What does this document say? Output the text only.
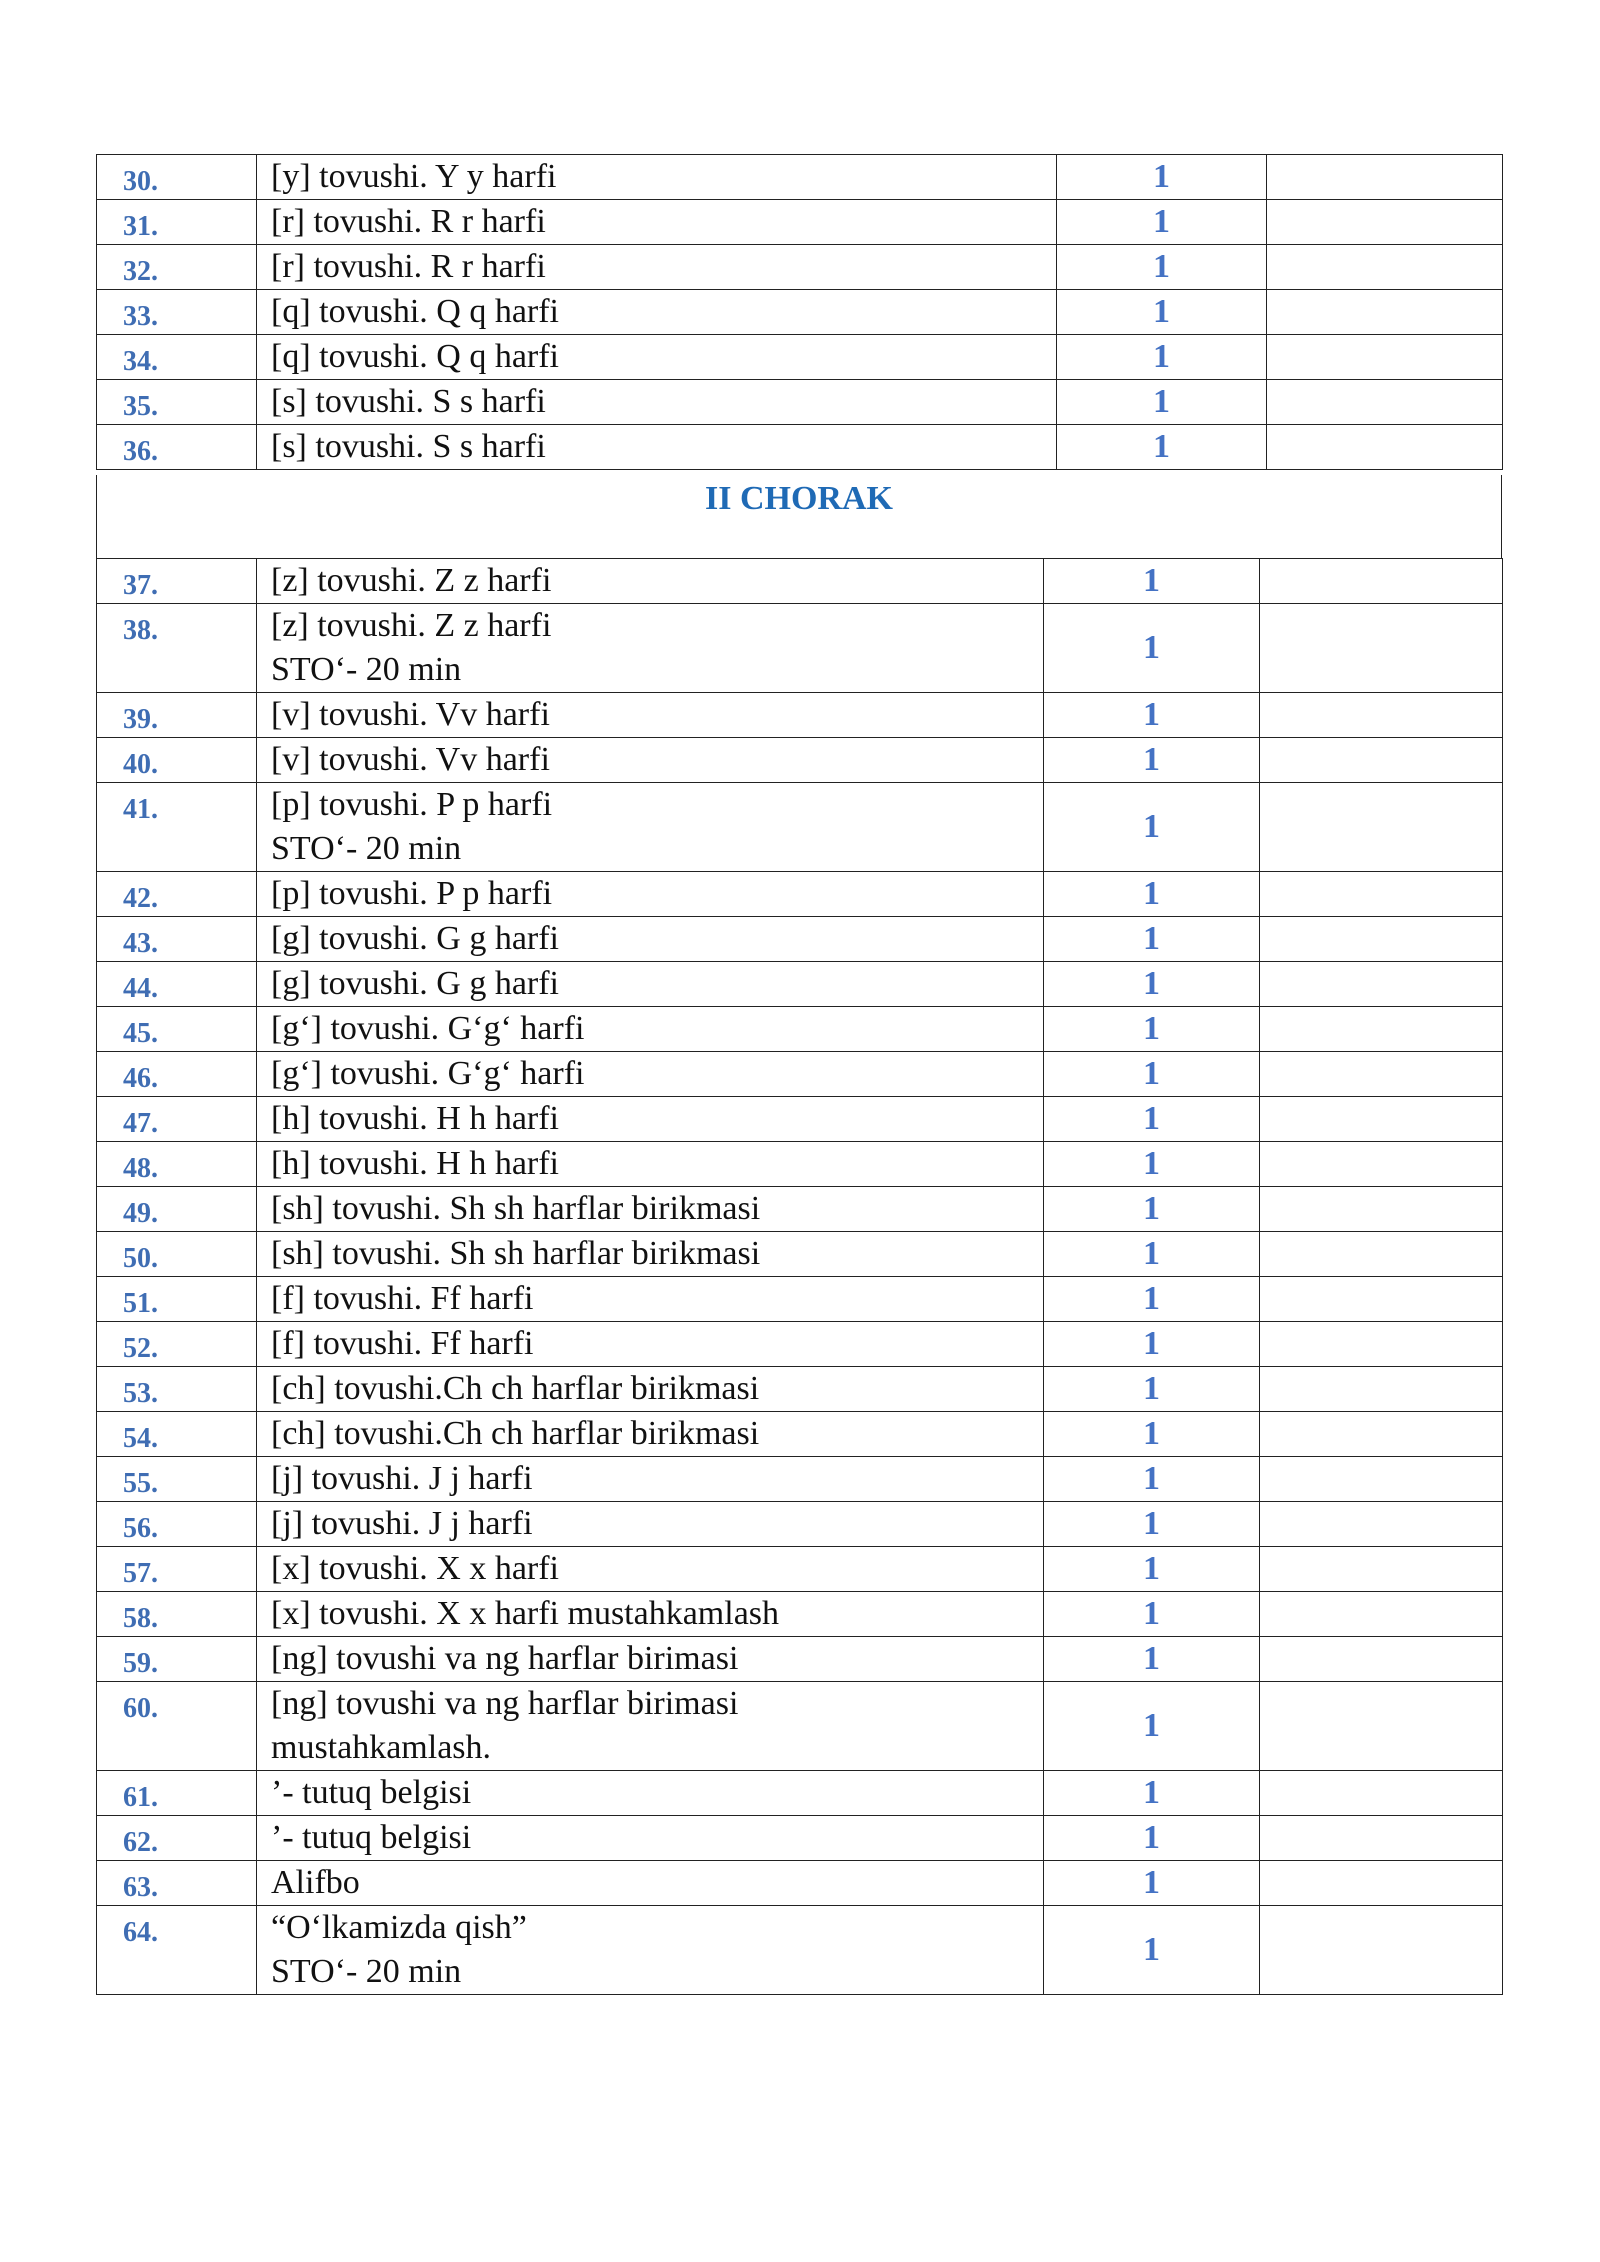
30.	[y] tovushi. Y y harfi	1	
31.	[r] tovushi. R r harfi	1	
32.	[r] tovushi. R r harfi	1	
33.	[q] tovushi. Q q harfi	1	
34.	[q] tovushi. Q q harfi	1	
35.	[s] tovushi. S s harfi	1	
36.	[s] tovushi. S s harfi	1	
II CHORAK
37.	[z] tovushi. Z z harfi	1	
38.	[z] tovushi. Z z harfi
STO‘- 20 min	1	
39.	[v] tovushi. Vv harfi	1	
40.	[v] tovushi. Vv harfi	1	
41.	[p] tovushi. P p harfi
STO‘- 20 min	1	
42.	[p] tovushi. P p harfi	1	
43.	[g] tovushi. G g harfi	1	
44.	[g] tovushi. G g harfi	1	
45.	[g‘] tovushi. G‘g‘ harfi	1	
46.	[g‘] tovushi. G‘g‘ harfi	1	
47.	[h] tovushi. H h harfi	1	
48.	[h] tovushi. H h harfi	1	
49.	[sh] tovushi. Sh sh harflar birikmasi	1	
50.	[sh] tovushi. Sh sh harflar birikmasi	1	
51.	[f] tovushi. Ff harfi	1	
52.	[f] tovushi. Ff harfi	1	
53.	[ch] tovushi.Ch ch harflar birikmasi	1	
54.	[ch] tovushi.Ch ch harflar birikmasi	1	
55.	[j] tovushi. J j harfi	1	
56.	[j] tovushi. J j harfi	1	
57.	[x] tovushi. X x harfi	1	
58.	[x] tovushi. X x harfi mustahkamlash	1	
59.	[ng] tovushi va ng harflar birimasi	1	
60.	[ng] tovushi va ng harflar birimasi
mustahkamlash.	1	
61.	’- tutuq belgisi	1	
62.	’- tutuq belgisi	1	
63.	Alifbo	1	
64.	“O‘lkamizda qish”
STO‘- 20 min	1	
